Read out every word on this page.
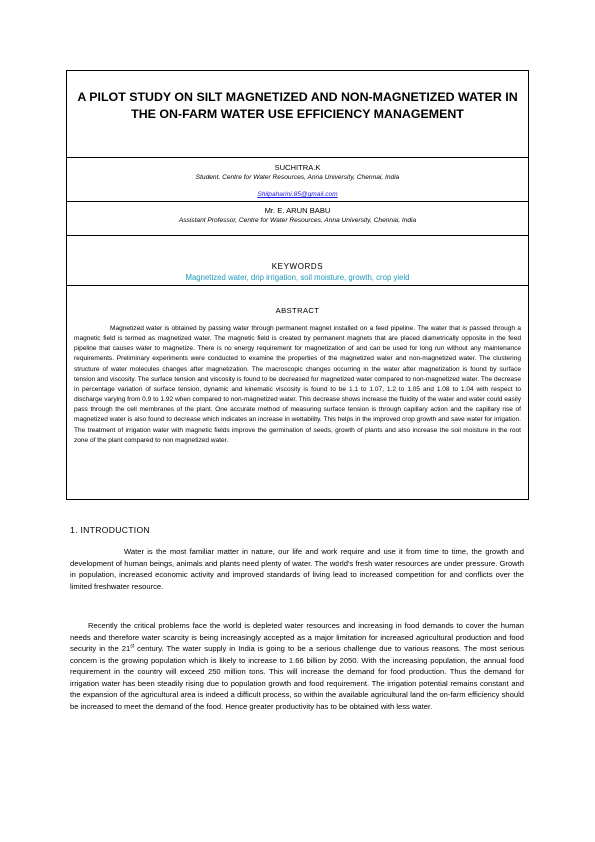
A PILOT STUDY ON SILT MAGNETIZED AND NON-MAGNETIZED WATER IN THE ON-FARM WATER USE EFFICIENCY MANAGEMENT
SUCHITRA.K
Student, Centre for Water Resources, Anna University, Chennai, India
Shilpaharini.85@gmail.com
Mr. E. ARUN BABU
Assistant Professor, Centre for Water Resources, Anna University, Chennai, India
KEYWORDS
Magnetized water, drip irrigation, soil moisture, growth, crop yield
ABSTRACT
Magnetized water is obtained by passing water through permanent magnet installed on a feed pipeline. The water that is passed through a magnetic field is termed as magnetized water. The magnetic field is created by permanent magnets that are placed diametrically opposite in the feed pipeline that causes water to magnetize. There is no energy requirement for magnetization of and can be used for long run without any maintenance requirements. Preliminary experiments were conducted to examine the properties of the magnetized water and non-magnetized water. The clustering structure of water molecules changes after magnetization. The macroscopic changes occurring in the water after magnetization is found by surface tension and viscosity. The surface tension and viscosity is found to be decreased for magnetized water compared to non-magnetized water. The decrease in percentage variation of surface tension, dynamic and kinematic viscosity is found to be 1.1 to 1.07, 1.2 to 1.05 and 1.08 to 1.04 with respect to discharge varying from 0.9 to 1.92 when compared to non-magnetized water. This decrease shows increase the fluidity of the water and water could easily pass through the cell membranes of the plant. One accurate method of measuring surface tension is through capillary action and the capillary rise of magnetized water is also found to decrease which indicates an increase in wettability. This helps in the improved crop growth and save water for irrigation. The treatment of irrigation water with magnetic fields improve the germination of seeds, growth of plants and also increase the soil moisture in the root zone of the plant compared to non magnetized water.
1. INTRODUCTION
Water is the most familiar matter in nature, our life and work require and use it from time to time, the growth and development of human beings, animals and plants need plenty of water. The world's fresh water resources are under pressure. Growth in population, increased economic activity and improved standards of living lead to increased competition for and conflicts over the limited freshwater resource.
Recently the critical problems face the world is depleted water resources and increasing in food demands to cover the human needs and therefore water scarcity is being increasingly accepted as a major limitation for increased agricultural production and food security in the 21st century. The water supply in India is going to be a serious challenge due to various reasons. The most serious concern is the growing population which is likely to increase to 1.66 billion by 2050. With the increasing population, the annual food requirement in the country will exceed 250 million tons. This will increase the demand for food production. Thus the demand for irrigation water has been steadily rising due to population growth and food requirement. The irrigation potential remains constant and the expansion of the agricultural area is indeed a difficult process, so within the available agricultural land the on-farm efficiency should be increased to meet the demand of the food. Hence greater productivity has to be obtained with less water.
